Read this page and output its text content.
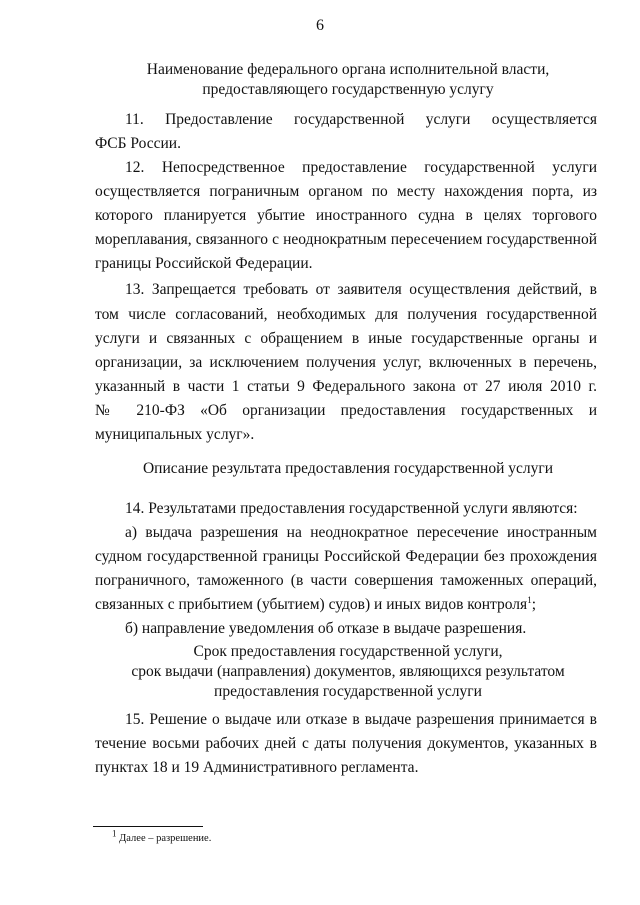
6
Наименование федерального органа исполнительной власти,
предоставляющего государственную услугу
11. Предоставление государственной услуги осуществляется
ФСБ России.
12. Непосредственное предоставление государственной услуги
осуществляется пограничным органом по месту нахождения порта, из
которого планируется убытие иностранного судна в целях торгового
мореплавания, связанного с неоднократным пересечением государственной
границы Российской Федерации.
13. Запрещается требовать от заявителя осуществления действий, в
том числе согласований, необходимых для получения государственной
услуги и связанных с обращением в иные государственные органы и
организации, за исключением получения услуг, включенных в перечень,
указанный в части 1 статьи 9 Федерального закона от 27 июля 2010 г.
№ 210-ФЗ «Об организации предоставления государственных и
муниципальных услуг».
Описание результата предоставления государственной услуги
14. Результатами предоставления государственной услуги являются:
а) выдача разрешения на неоднократное пересечение иностранным
судном государственной границы Российской Федерации без прохождения
пограничного, таможенного (в части совершения таможенных операций,
связанных с прибытием (убытием) судов) и иных видов контроля$^1$;
б) направление уведомления об отказе в выдаче разрешения.
Срок предоставления государственной услуги,
срок выдачи (направления) документов, являющихся результатом
предоставления государственной услуги
15. Решение о выдаче или отказе в выдаче разрешения принимается в
течение восьми рабочих дней с даты получения документов, указанных в
пунктах 18 и 19 Административного регламента.
$^1$ Далее – разрешение.
